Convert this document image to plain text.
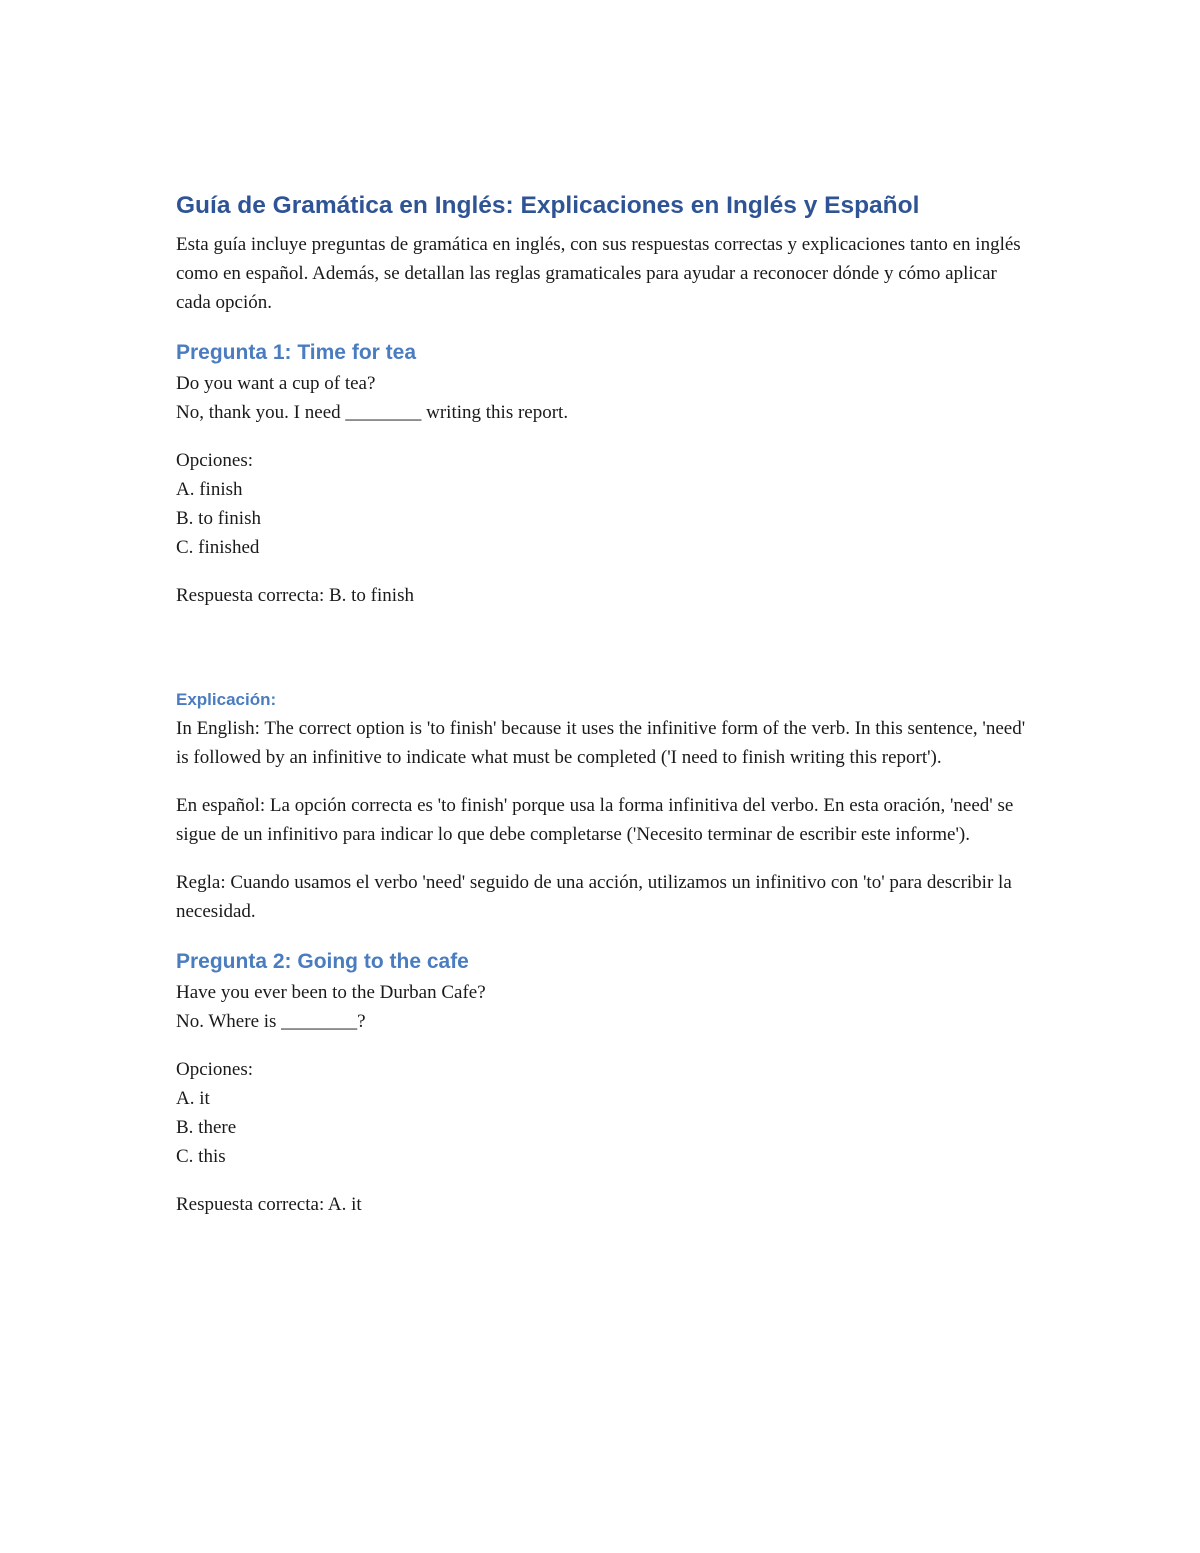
Guía de Gramática en Inglés: Explicaciones en Inglés y Español

Esta guía incluye preguntas de gramática en inglés, con sus respuestas correctas y explicaciones tanto en inglés como en español. Además, se detallan las reglas gramaticales para ayudar a reconocer dónde y cómo aplicar cada opción.

Pregunta 1: Time for tea
Do you want a cup of tea?
No, thank you. I need ________ writing this report.
Opciones:
A. finish
B. to finish
C. finished

Respuesta correcta: B. to finish

Explicación:

In English: The correct option is 'to finish' because it uses the infinitive form of the verb. In this sentence, 'need' is followed by an infinitive to indicate what must be completed ('I need to finish writing this report').

En español: La opción correcta es 'to finish' porque usa la forma infinitiva del verbo. En esta oración, 'need' se sigue de un infinitivo para indicar lo que debe completarse ('Necesito terminar de escribir este informe').

Regla: Cuando usamos el verbo 'need' seguido de una acción, utilizamos un infinitivo con 'to' para describir la necesidad.

Pregunta 2: Going to the cafe
Have you ever been to the Durban Cafe?
No. Where is ________?
Opciones:
A. it
B. there
C. this

Respuesta correcta: A. it
